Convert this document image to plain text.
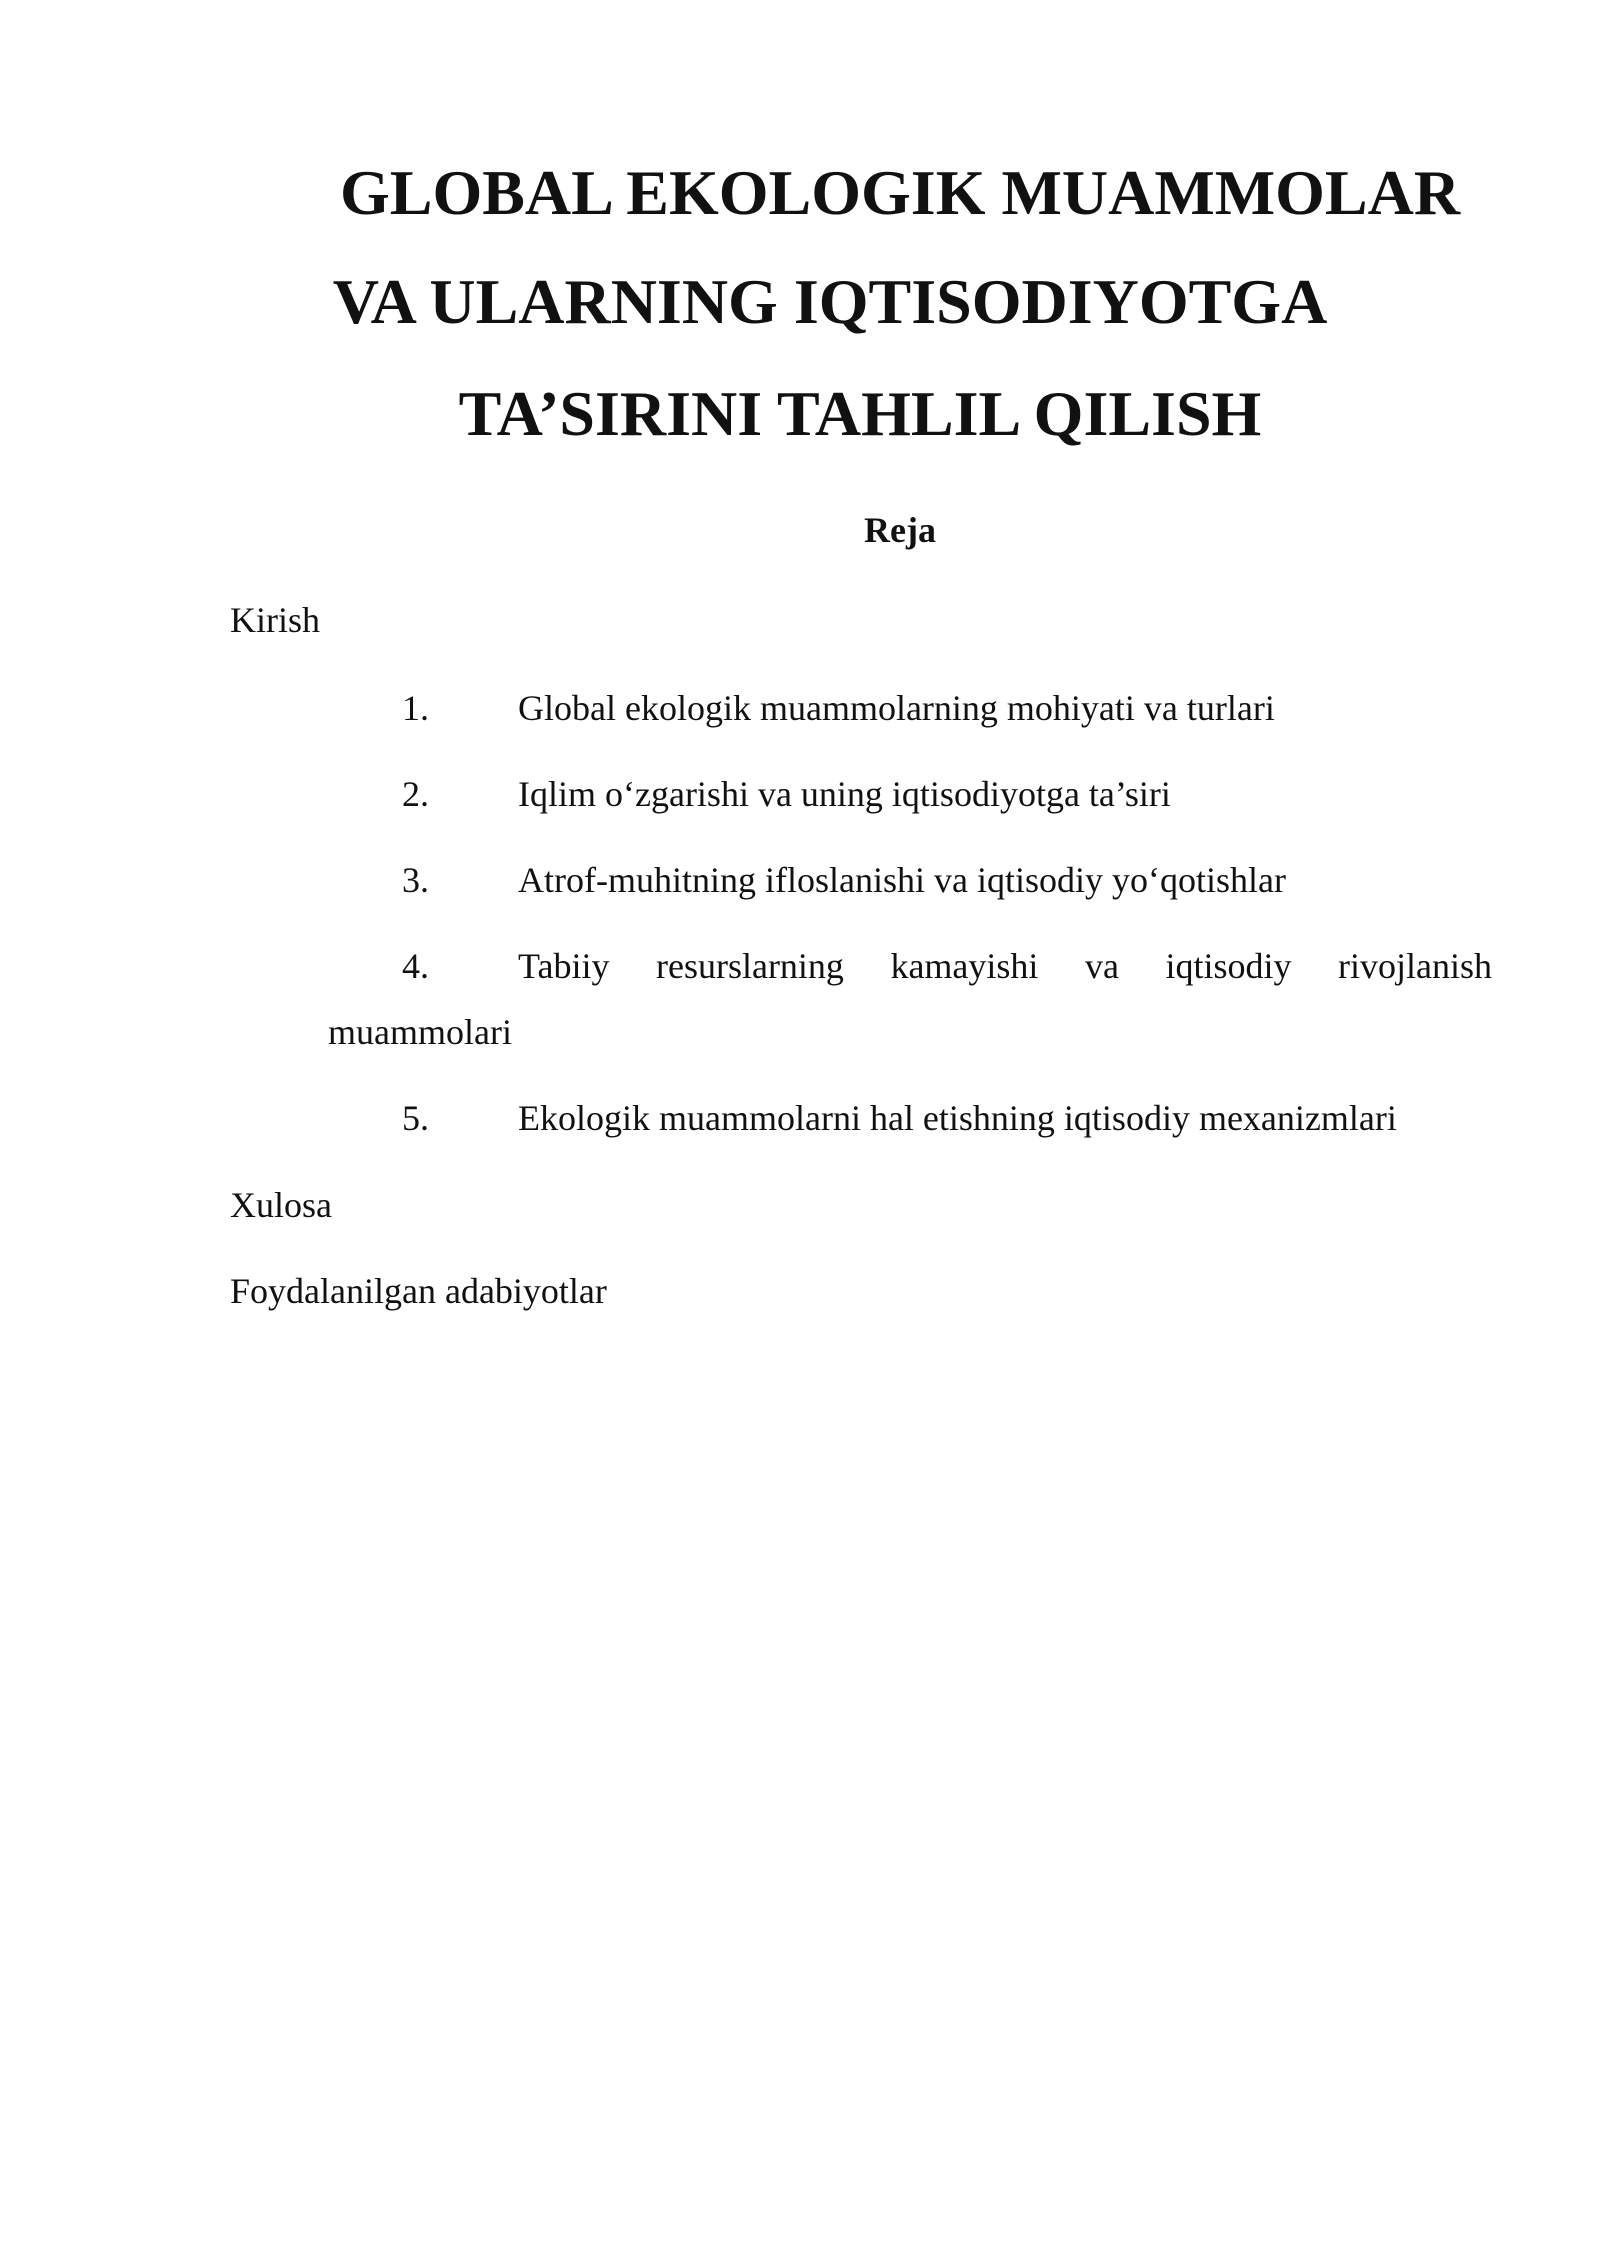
GLOBAL EKOLOGIK MUAMMOLAR
VA ULARNING IQTISODIYOTGA
TA’SIRINI TAHLIL QILISH
Reja
Kirish
1. Global ekologik muammolarning mohiyati va turlari
2. Iqlim o‘zgarishi va uning iqtisodiyotga ta’siri
3. Atrof-muhitning ifloslanishi va iqtisodiy yo‘qotishlar
4. Tabiiy resurslarning kamayishi va iqtisodiy rivojlanish
muammolari
5. Ekologik muammolarni hal etishning iqtisodiy mexanizmlari
Xulosa
Foydalanilgan adabiyotlar
